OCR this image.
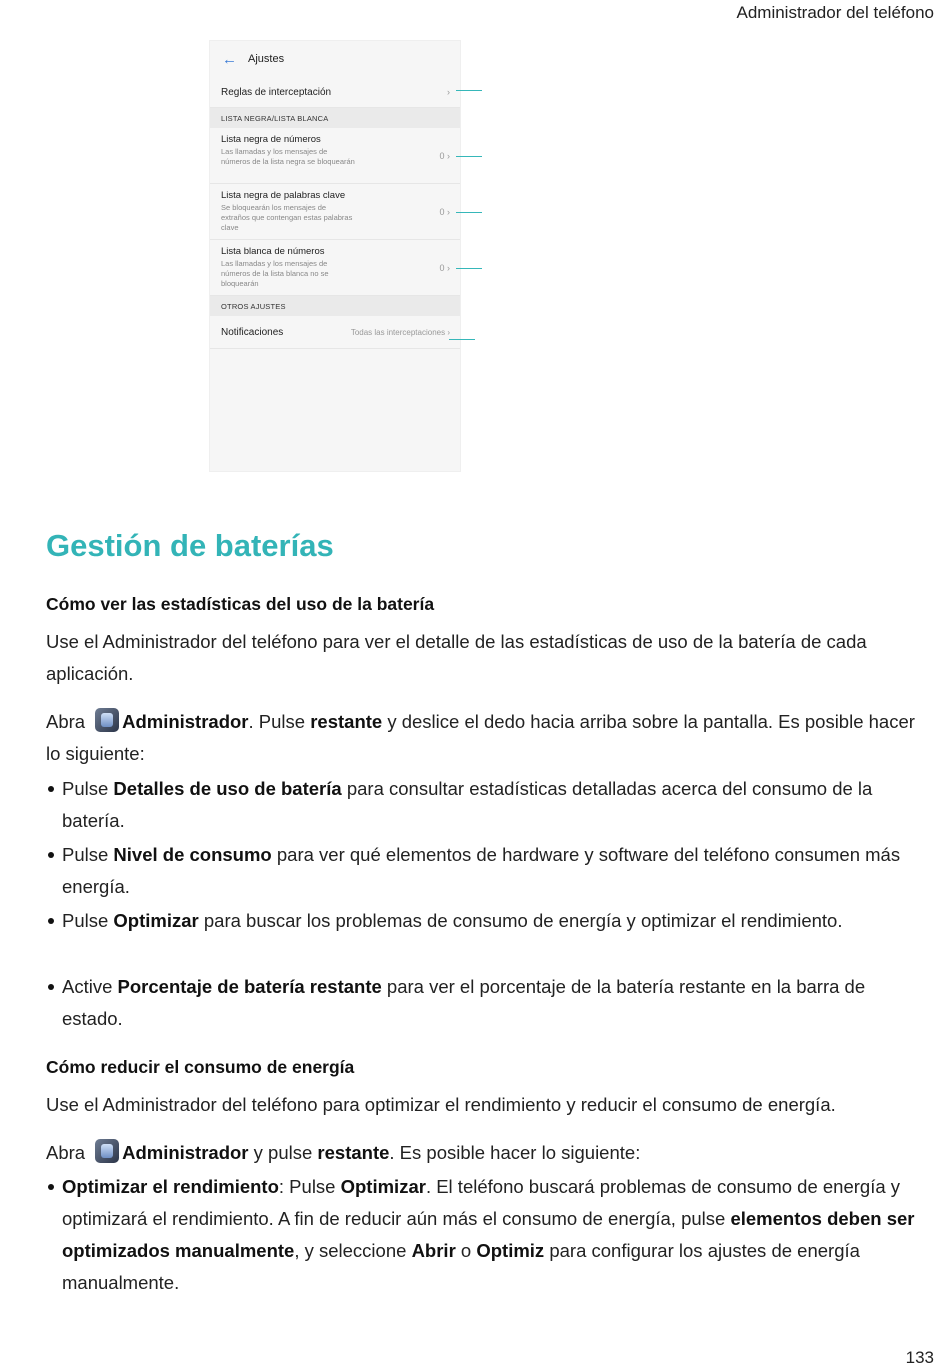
Administrador del teléfono
←	Ajustes
Reglas de interceptación	›
LISTA NEGRA/LISTA BLANCA
Lista negra de números
Las llamadas y los mensajes de números de la lista negra se bloquearán
0 ›
Lista negra de palabras clave
Se bloquearán los mensajes de extraños que contengan estas palabras clave
0 ›
Lista blanca de números
Las llamadas y los mensajes de números de la lista blanca no se bloquearán
0 ›
OTROS AJUSTES
Notificaciones	Todas las interceptaciones ›
Gestión de baterías
Cómo ver las estadísticas del uso de la batería
Use el Administrador del teléfono para ver el detalle de las estadísticas de uso de la batería de cada aplicación.
Abra Administrador. Pulse restante y deslice el dedo hacia arriba sobre la pantalla. Es posible hacer lo siguiente:
Pulse Detalles de uso de batería para consultar estadísticas detalladas acerca del consumo de la batería.
Pulse Nivel de consumo para ver qué elementos de hardware y software del teléfono consumen más energía.
Pulse Optimizar para buscar los problemas de consumo de energía y optimizar el rendimiento.
Active Porcentaje de batería restante para ver el porcentaje de la batería restante en la barra de estado.
Cómo reducir el consumo de energía
Use el Administrador del teléfono para optimizar el rendimiento y reducir el consumo de energía.
Abra Administrador y pulse restante. Es posible hacer lo siguiente:
Optimizar el rendimiento: Pulse Optimizar. El teléfono buscará problemas de consumo de energía y optimizará el rendimiento. A fin de reducir aún más el consumo de energía, pulse elementos deben ser optimizados manualmente, y seleccione Abrir o Optimiz para configurar los ajustes de energía manualmente.
133
